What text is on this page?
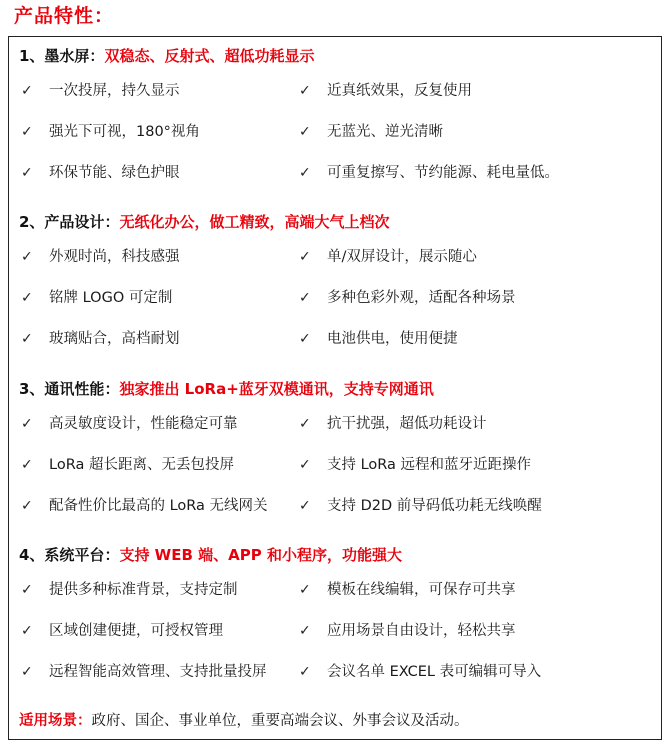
产品特性：
1、墨水屏：双稳态、反射式、超低功耗显示
✓ 一次投屏，持久显示	✓ 近真纸效果，反复使用
✓ 强光下可视，180°视角	✓ 无蓝光、逆光清晰
✓ 环保节能、绿色护眼	✓ 可重复擦写、节约能源、耗电量低。
2、产品设计：无纸化办公，做工精致，高端大气上档次
✓ 外观时尚，科技感强	✓ 单/双屏设计，展示随心
✓ 铭牌 LOGO 可定制	✓ 多种色彩外观，适配各种场景
✓ 玻璃贴合，高档耐划	✓ 电池供电，使用便捷
3、通讯性能：独家推出 LoRa+蓝牙双模通讯，支持专网通讯
✓ 高灵敏度设计，性能稳定可靠	✓ 抗干扰强，超低功耗设计
✓ LoRa 超长距离、无丢包投屏	✓ 支持 LoRa 远程和蓝牙近距操作
✓ 配备性价比最高的 LoRa 无线网关 ✓ 支持 D2D 前导码低功耗无线唤醒
4、系统平台：支持 WEB 端、APP 和小程序，功能强大
✓ 提供多种标准背景，支持定制	✓ 模板在线编辑，可保存可共享
✓ 区域创建便捷，可授权管理	✓ 应用场景自由设计，轻松共享
✓ 远程智能高效管理、支持批量投屏 ✓ 会议名单 EXCEL 表可编辑可导入
适用场景：政府、国企、事业单位，重要高端会议、外事会议及活动。
